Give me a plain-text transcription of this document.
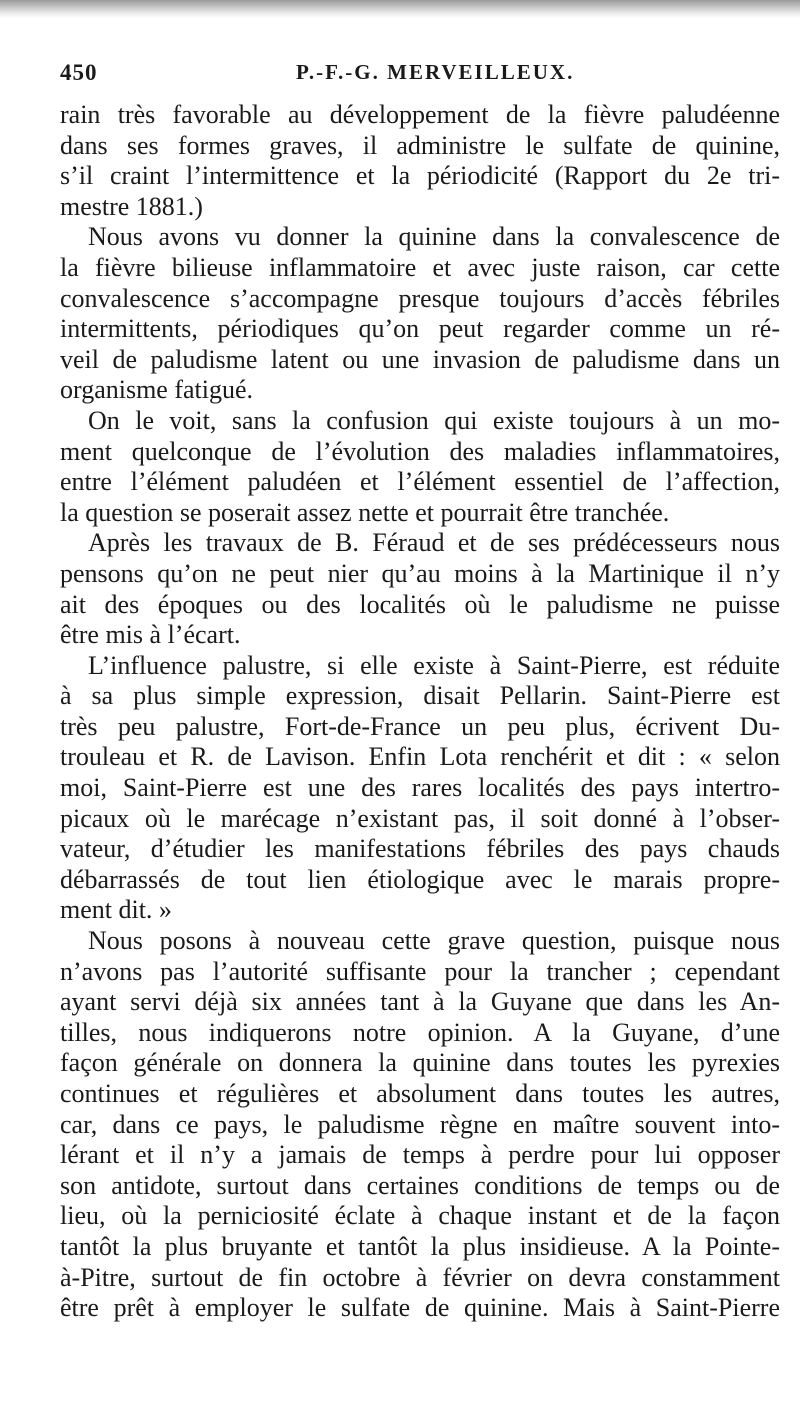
450	P.-F.-G. MERVEILLEUX.
rain très favorable au développement de la fièvre paludéenne
dans ses formes graves, il administre le sulfate de quinine,
s’il craint l’intermittence et la périodicité (Rapport du 2e tri-
mestre 1881.)
Nous avons vu donner la quinine dans la convalescence de
la fièvre bilieuse inflammatoire et avec juste raison, car cette
convalescence s’accompagne presque toujours d’accès fébriles
intermittents, périodiques qu’on peut regarder comme un ré-
veil de paludisme latent ou une invasion de paludisme dans un
organisme fatigué.
On le voit, sans la confusion qui existe toujours à un mo-
ment quelconque de l’évolution des maladies inflammatoires,
entre l’élément paludéen et l’élément essentiel de l’affection,
la question se poserait assez nette et pourrait être tranchée.
Après les travaux de B. Féraud et de ses prédécesseurs nous
pensons qu’on ne peut nier qu’au moins à la Martinique il n’y
ait des époques ou des localités où le paludisme ne puisse
être mis à l’écart.
L’influence palustre, si elle existe à Saint-Pierre, est réduite
à sa plus simple expression, disait Pellarin. Saint-Pierre est
très peu palustre, Fort-de-France un peu plus, écrivent Du-
trouleau et R. de Lavison. Enfin Lota renchérit et dit : « selon
moi, Saint-Pierre est une des rares localités des pays intertro-
picaux où le marécage n’existant pas, il soit donné à l’obser-
vateur, d’étudier les manifestations fébriles des pays chauds
débarrassés de tout lien étiologique avec le marais propre-
ment dit. »
Nous posons à nouveau cette grave question, puisque nous
n’avons pas l’autorité suffisante pour la trancher ; cependant
ayant servi déjà six années tant à la Guyane que dans les An-
tilles, nous indiquerons notre opinion. A la Guyane, d’une
façon générale on donnera la quinine dans toutes les pyrexies
continues et régulières et absolument dans toutes les autres,
car, dans ce pays, le paludisme règne en maître souvent into-
lérant et il n’y a jamais de temps à perdre pour lui opposer
son antidote, surtout dans certaines conditions de temps ou de
lieu, où la perniciosité éclate à chaque instant et de la façon
tantôt la plus bruyante et tantôt la plus insidieuse. A la Pointe-
à-Pitre, surtout de fin octobre à février on devra constamment
être prêt à employer le sulfate de quinine. Mais à Saint-Pierre
